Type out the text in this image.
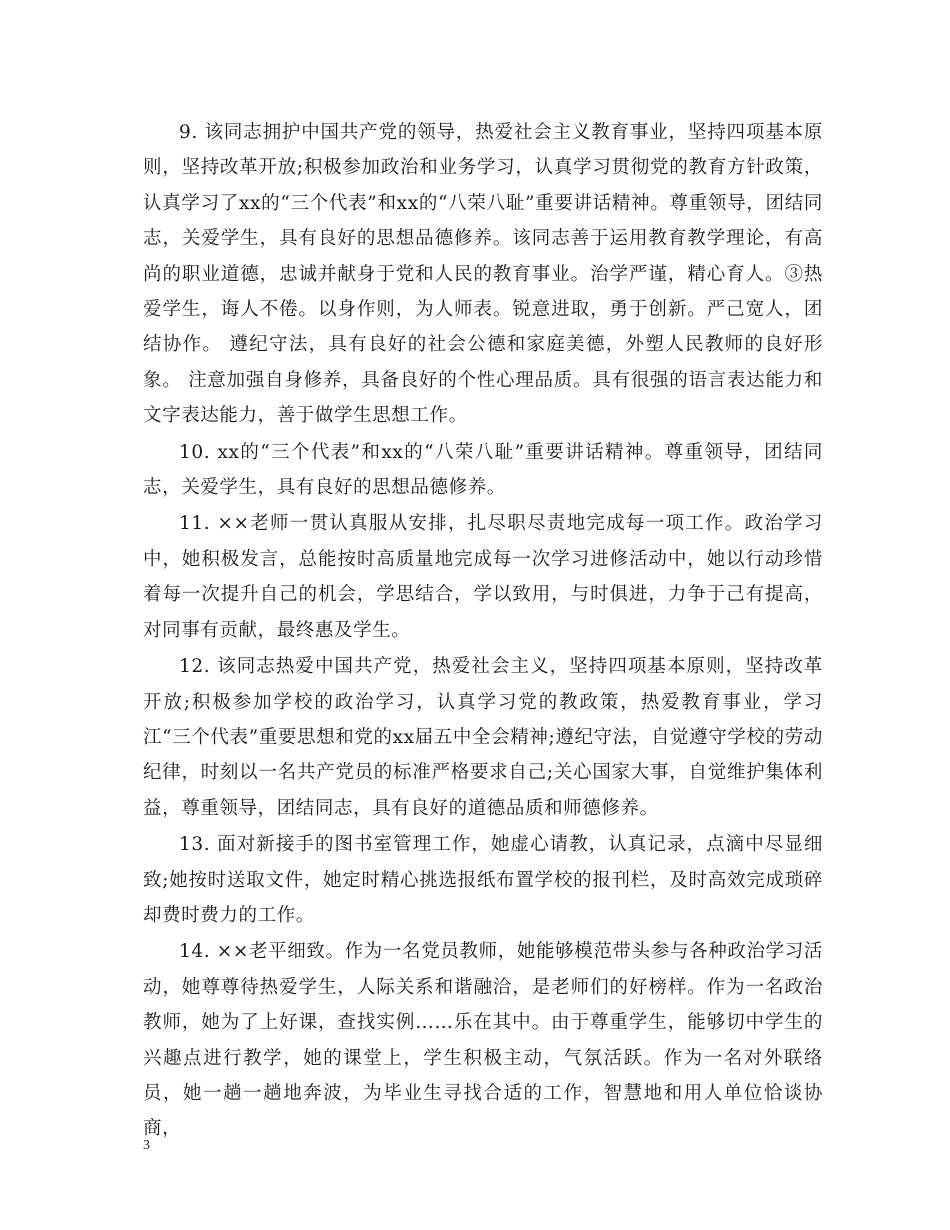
9. 该同志拥护中国共产党的领导，热爱社会主义教育事业，坚持四项基本原则，坚持改革开放;积极参加政治和业务学习，认真学习贯彻党的教育方针政策，认真学习了xx的“三个代表”和xx的“八荣八耻”重要讲话精神。尊重领导，团结同志，关爱学生，具有良好的思想品德修养。该同志善于运用教育教学理论，有高尚的职业道德，忠诚并献身于党和人民的教育事业。治学严谨，精心育人。③热爱学生，诲人不倦。以身作则，为人师表。锐意进取，勇于创新。严己宽人，团结协作。 遵纪守法，具有良好的社会公德和家庭美德，外塑人民教师的良好形象。 注意加强自身修养，具备良好的个性心理品质。具有很强的语言表达能力和文字表达能力，善于做学生思想工作。

10. xx的“三个代表”和xx的“八荣八耻”重要讲话精神。尊重领导，团结同志，关爱学生，具有良好的思想品德修养。

11. ××老师一贯认真服从安排，扎尽职尽责地完成每一项工作。政治学习中，她积极发言，总能按时高质量地完成每一次学习进修活动中，她以行动珍惜着每一次提升自己的机会，学思结合，学以致用，与时俱进，力争于己有提高，对同事有贡献，最终惠及学生。

12. 该同志热爱中国共产党，热爱社会主义，坚持四项基本原则，坚持改革开放;积极参加学校的政治学习，认真学习党的教政策，热爱教育事业，学习江“三个代表”重要思想和党的xx届五中全会精神;遵纪守法，自觉遵守学校的劳动纪律，时刻以一名共产党员的标准严格要求自己;关心国家大事，自觉维护集体利益，尊重领导，团结同志，具有良好的道德品质和师德修养。

13. 面对新接手的图书室管理工作，她虚心请教，认真记录，点滴中尽显细致;她按时送取文件，她定时精心挑选报纸布置学校的报刊栏，及时高效完成琐碎却费时费力的工作。

14. ××老平细致。作为一名党员教师，她能够模范带头参与各种政治学习活动，她尊尊待热爱学生，人际关系和谐融洽，是老师们的好榜样。作为一名政治教师，她为了上好课，查找实例……乐在其中。由于尊重学生，能够切中学生的兴趣点进行教学，她的课堂上，学生积极主动，气氛活跃。作为一名对外联络员，她一趟一趟地奔波，为毕业生寻找合适的工作，智慧地和用人单位恰谈协商，

3
